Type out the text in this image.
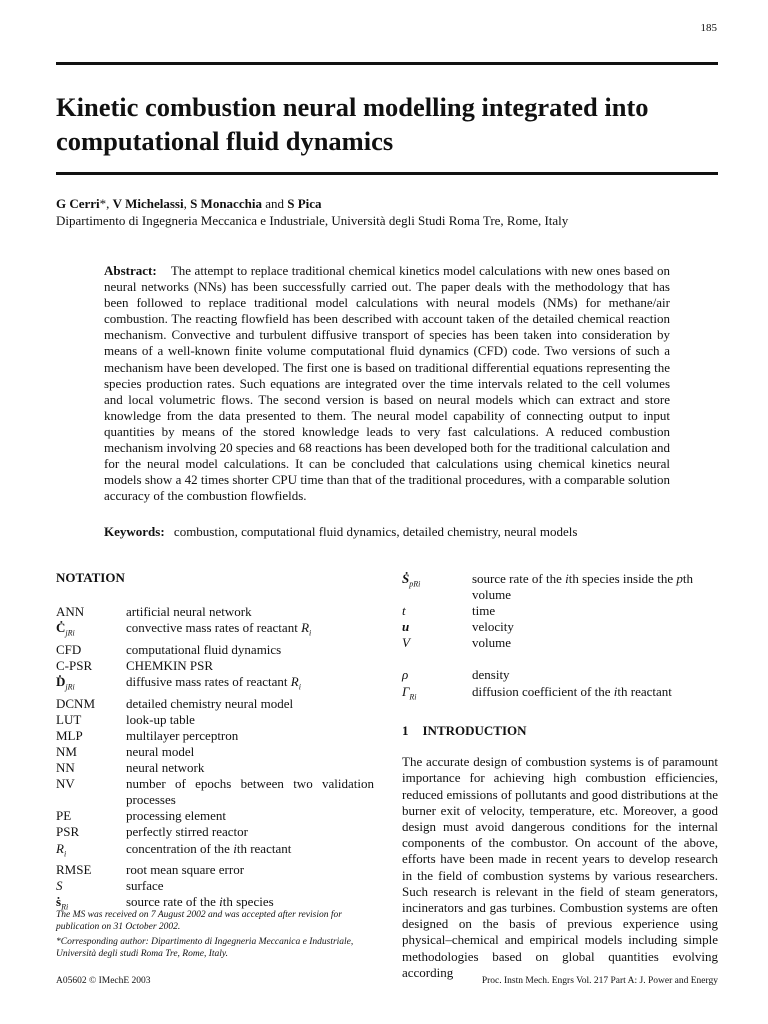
185
Kinetic combustion neural modelling integrated into computational fluid dynamics
G Cerri*, V Michelassi, S Monacchia and S Pica
Dipartimento di Ingegneria Meccanica e Industriale, Università degli Studi Roma Tre, Rome, Italy

Abstract: The attempt to replace traditional chemical kinetics model calculations with new ones based on neural networks (NNs) has been successfully carried out. The paper deals with the methodology that has been followed to replace traditional model calculations with neural models (NMs) for methane/air combustion. The reacting flowfield has been described with account taken of the detailed chemical reaction mechanism. Convective and turbulent diffusive transport of species has been taken into consideration by means of a well-known finite volume computational fluid dynamics (CFD) code. Two versions of such a mechanism have been developed. The first one is based on traditional differential equations representing the species production rates. Such equations are integrated over the time intervals related to the cell volumes and local volumetric flows. The second version is based on neural models which can extract and store knowledge from the data presented to them. The neural model capability of connecting output to input quantities by means of the stored knowledge leads to very fast calculations. A reduced combustion mechanism involving 20 species and 68 reactions has been developed both for the traditional calculation and for the neural model calculations. It can be concluded that calculations using chemical kinetics neural models show a 42 times shorter CPU time than that of the traditional procedures, with a comparable solution accuracy of the combustion flowfields.

Keywords: combustion, computational fluid dynamics, detailed chemistry, neural models
NOTATION
ANN	artificial neural network
$Ċ_{jRi}$	convective mass rates of reactant $R_i$
CFD	computational fluid dynamics
C-PSR	CHEMKIN PSR
Ḋ$_{jRi}$	diffusive mass rates of reactant $R_i$
DCNM	detailed chemistry neural model
LUT	look-up table
MLP	multilayer perceptron
NM	neural model
NN	neural network
NV	number of epochs between two validation processes
PE	processing element
PSR	perfectly stirred reactor
$R_i$	concentration of the ith reactant
RMSE	root mean square error
S	surface
ṡ$_{Ri}$	source rate of the ith species
Ṡ$_{pRi}$	source rate of the ith species inside the pth volume
t	time
u	velocity
V	volume
ρ	density
$\Gamma_{Ri}$	diffusion coefficient of the ith reactant
1 INTRODUCTION

The accurate design of combustion systems is of paramount importance for achieving high combustion efficiencies, reduced emissions of pollutants and good distributions at the burner exit of velocity, temperature, etc. Moreover, a good design must avoid dangerous conditions for the internal components of the combustor. On account of the above, efforts have been made in recent years to develop research in the field of combustion systems by various researchers. Such research is relevant in the field of steam generators, incinerators and gas turbines. Combustion systems are often designed on the basis of previous experience using physical–chemical and empirical models including simple methodologies based on global quantities evolving according

The MS was received on 7 August 2002 and was accepted after revision for publication on 31 October 2002.
*Corresponding author: Dipartimento di Ingegneria Meccanica e Industriale, Università degli studi Roma Tre, Rome, Italy.
A05602 © IMechE 2003	Proc. Instn Mech. Engrs Vol. 217 Part A: J. Power and Energy
